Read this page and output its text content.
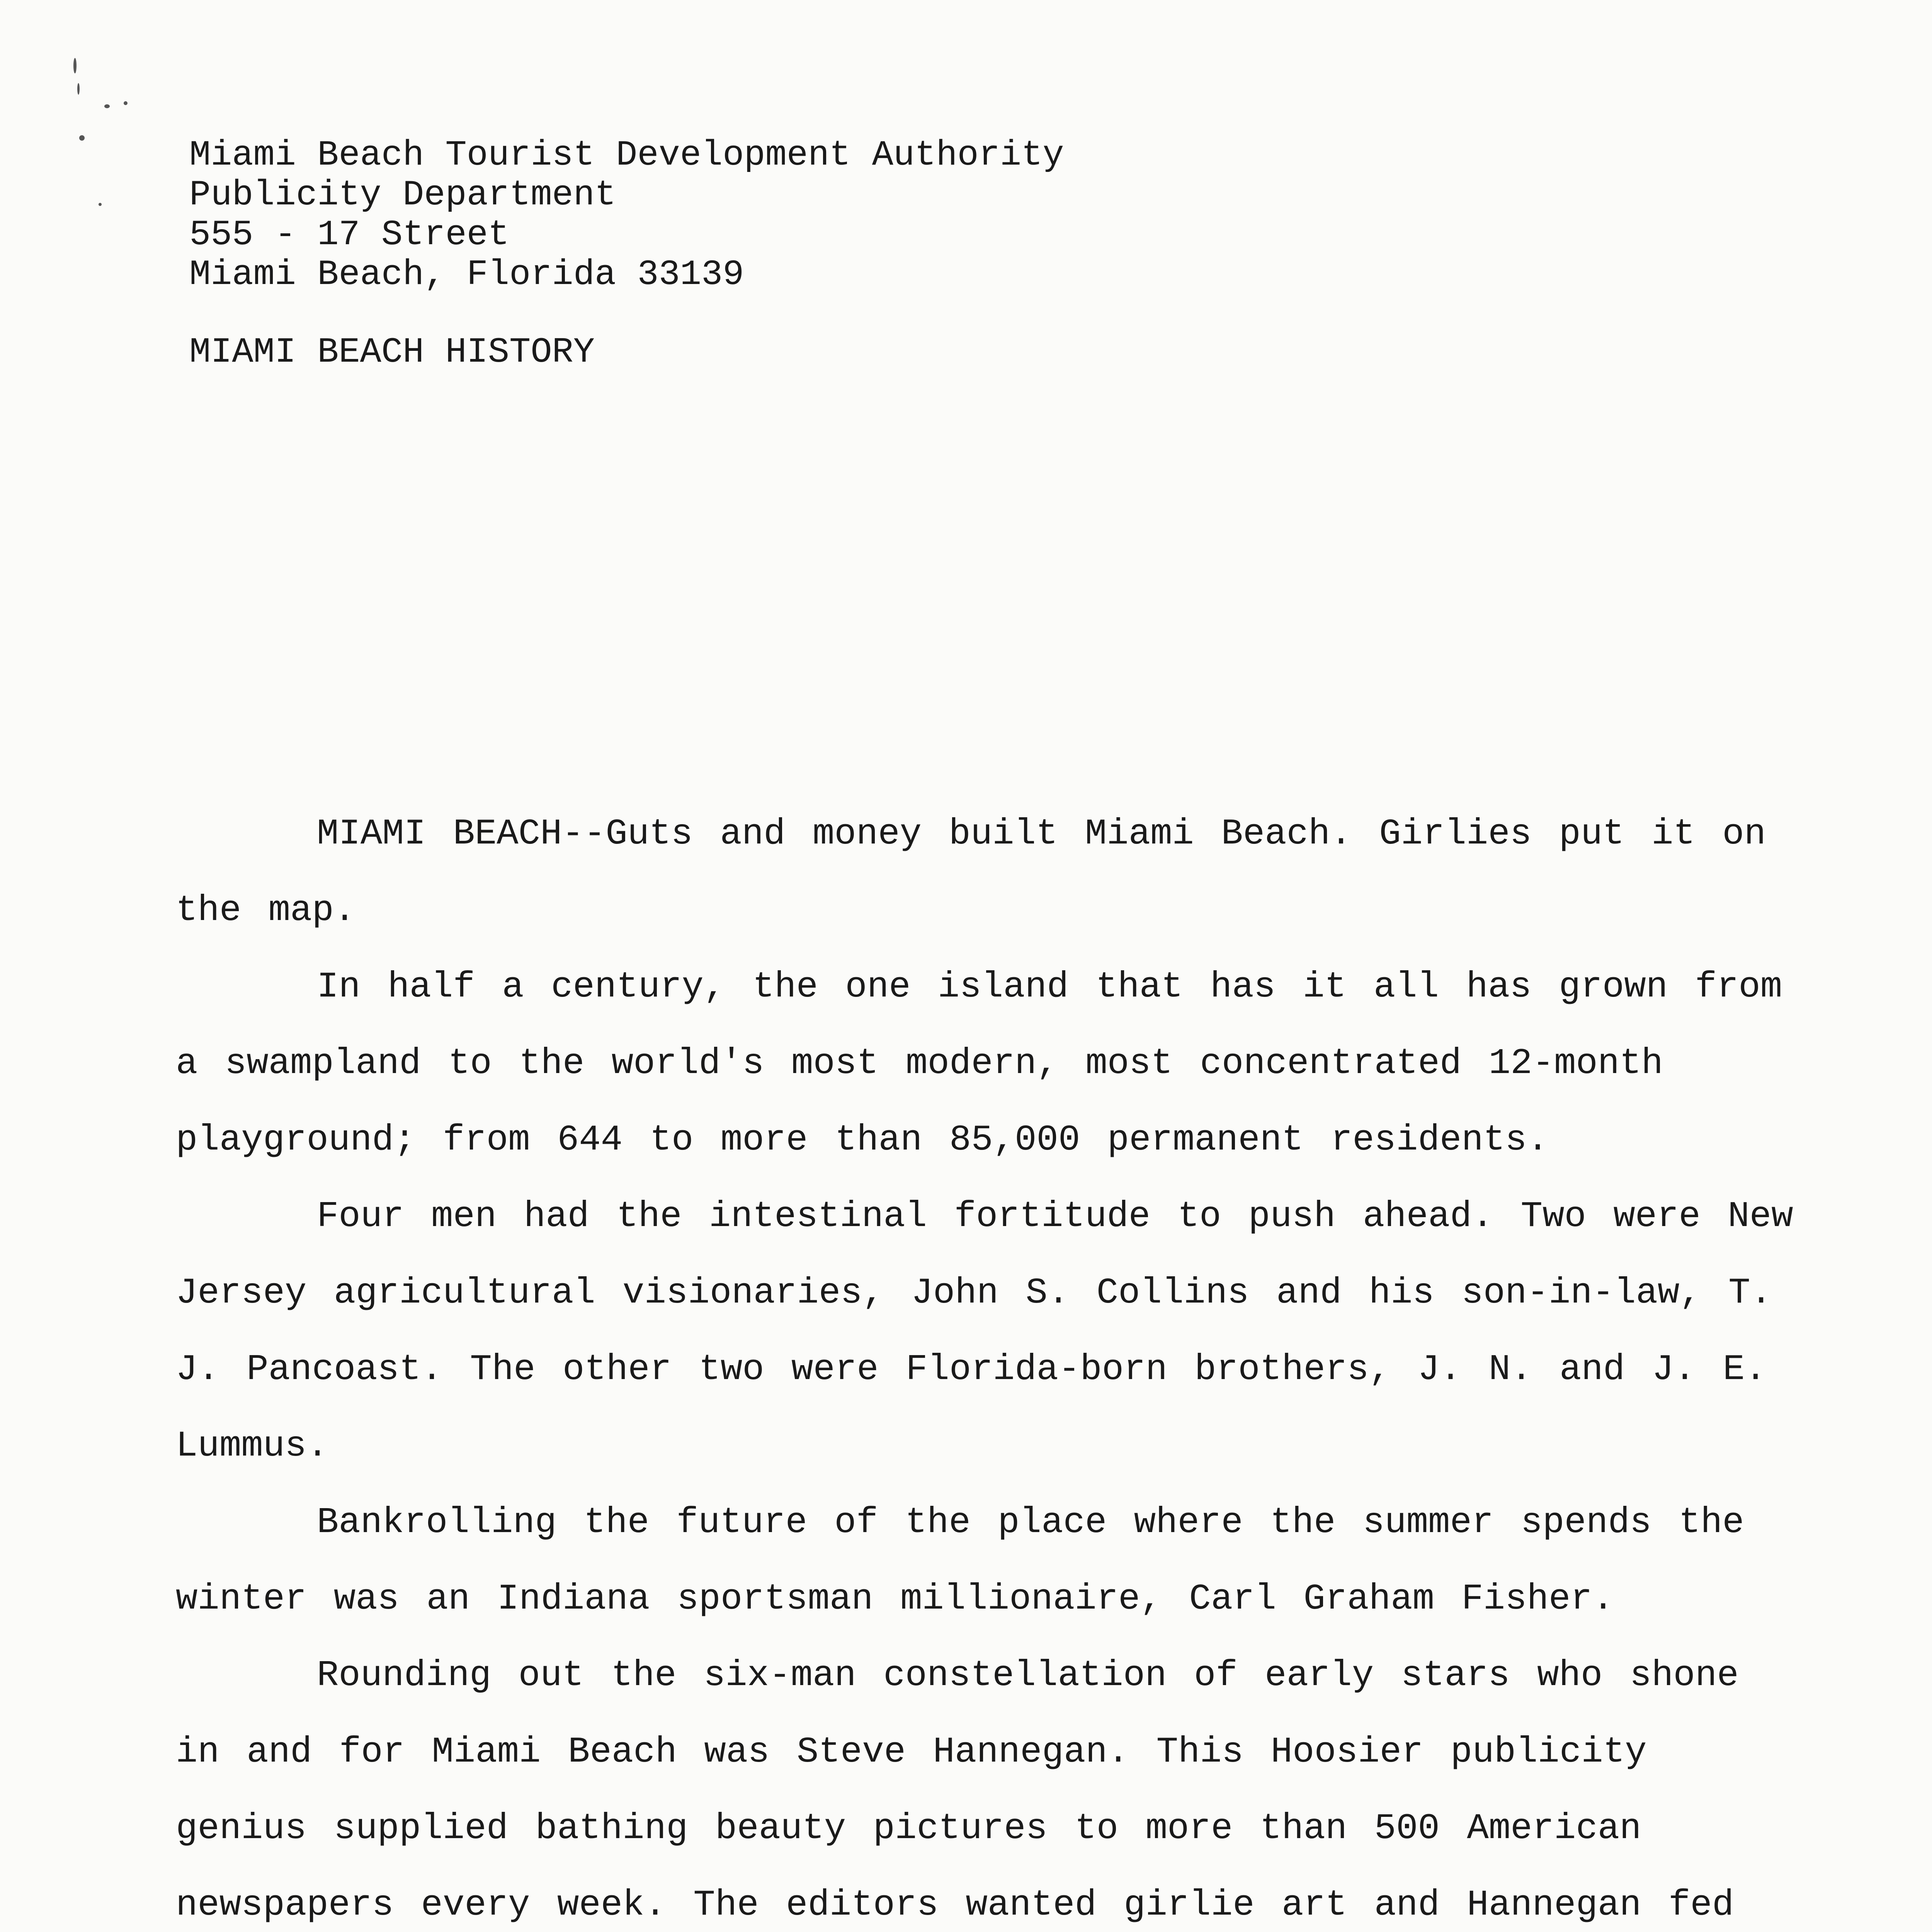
Miami Beach Tourist Development Authority
Publicity Department
555 - 17 Street
Miami Beach, Florida 33139
MIAMI BEACH HISTORY

MIAMI BEACH--Guts and money built Miami Beach. Girlies put it on the map.

In half a century, the one island that has it all has grown from a swampland to the world's most modern, most concentrated 12-month playground; from 644 to more than 85,000 permanent residents.

Four men had the intestinal fortitude to push ahead. Two were New Jersey agricultural visionaries, John S. Collins and his son-in-law, T. J. Pancoast. The other two were Florida-born brothers, J. N. and J. E. Lummus.

Bankrolling the future of the place where the summer spends the winter was an Indiana sportsman millionaire, Carl Graham Fisher.

Rounding out the six-man constellation of early stars who shone in and for Miami Beach was Steve Hannegan. This Hoosier publicity genius supplied bathing beauty pictures to more than 500 American newspapers every week. The editors wanted girlie art and Hannegan fed
